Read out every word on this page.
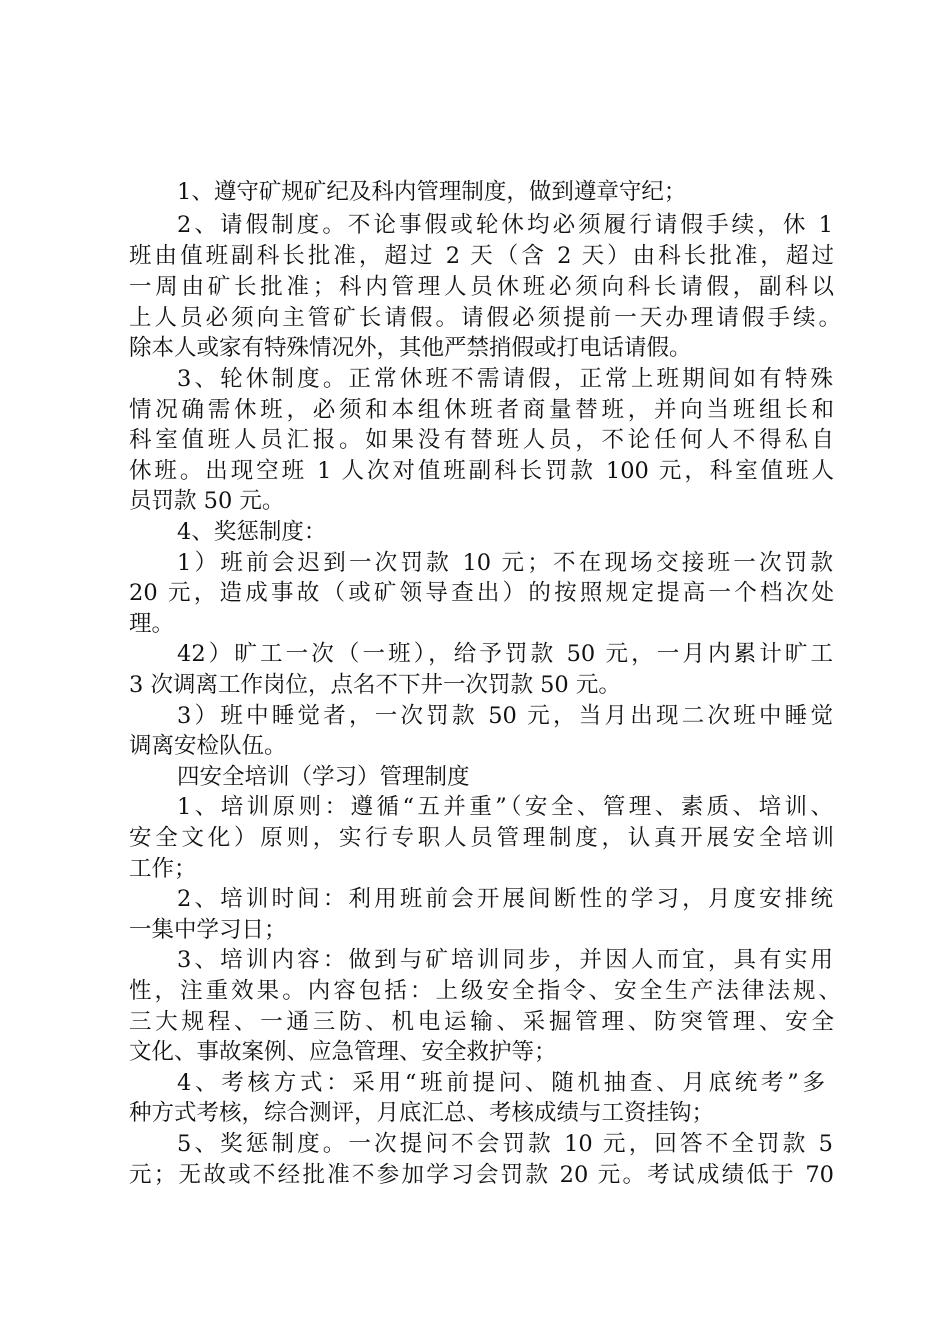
1、遵守矿规矿纪及科内管理制度，做到遵章守纪；
2、请假制度。不论事假或轮休均必须履行请假手续，休 1
班由值班副科长批准，超过 2 天（含 2 天）由科长批准，超过
一周由矿长批准；科内管理人员休班必须向科长请假，副科以
上人员必须向主管矿长请假。请假必须提前一天办理请假手续。
除本人或家有特殊情况外，其他严禁捎假或打电话请假。
3、轮休制度。正常休班不需请假，正常上班期间如有特殊
情况确需休班，必须和本组休班者商量替班，并向当班组长和
科室值班人员汇报。如果没有替班人员，不论任何人不得私自
休班。出现空班 1 人次对值班副科长罚款 100 元，科室值班人
员罚款 50 元。
4、奖惩制度：
1）班前会迟到一次罚款 10 元；不在现场交接班一次罚款
20 元，造成事故（或矿领导查出）的按照规定提高一个档次处
理。
42）旷工一次（一班），给予罚款 50 元，一月内累计旷工
3 次调离工作岗位，点名不下井一次罚款 50 元。
3）班中睡觉者，一次罚款 50 元，当月出现二次班中睡觉
调离安检队伍。
四安全培训（学习）管理制度
1、培训原则：遵循“五并重”（安全、管理、素质、培训、
安全文化）原则，实行专职人员管理制度，认真开展安全培训
工作；
2、培训时间：利用班前会开展间断性的学习，月度安排统
一集中学习日；
3、培训内容：做到与矿培训同步，并因人而宜，具有实用
性，注重效果。内容包括：上级安全指令、安全生产法律法规、
三大规程、一通三防、机电运输、采掘管理、防突管理、安全
文化、事故案例、应急管理、安全救护等；
4、考核方式：采用“班前提问、随机抽查、月底统考”多
种方式考核，综合测评，月底汇总、考核成绩与工资挂钩；
5、奖惩制度。一次提问不会罚款 10 元，回答不全罚款 5
元；无故或不经批准不参加学习会罚款 20 元。考试成绩低于 70
